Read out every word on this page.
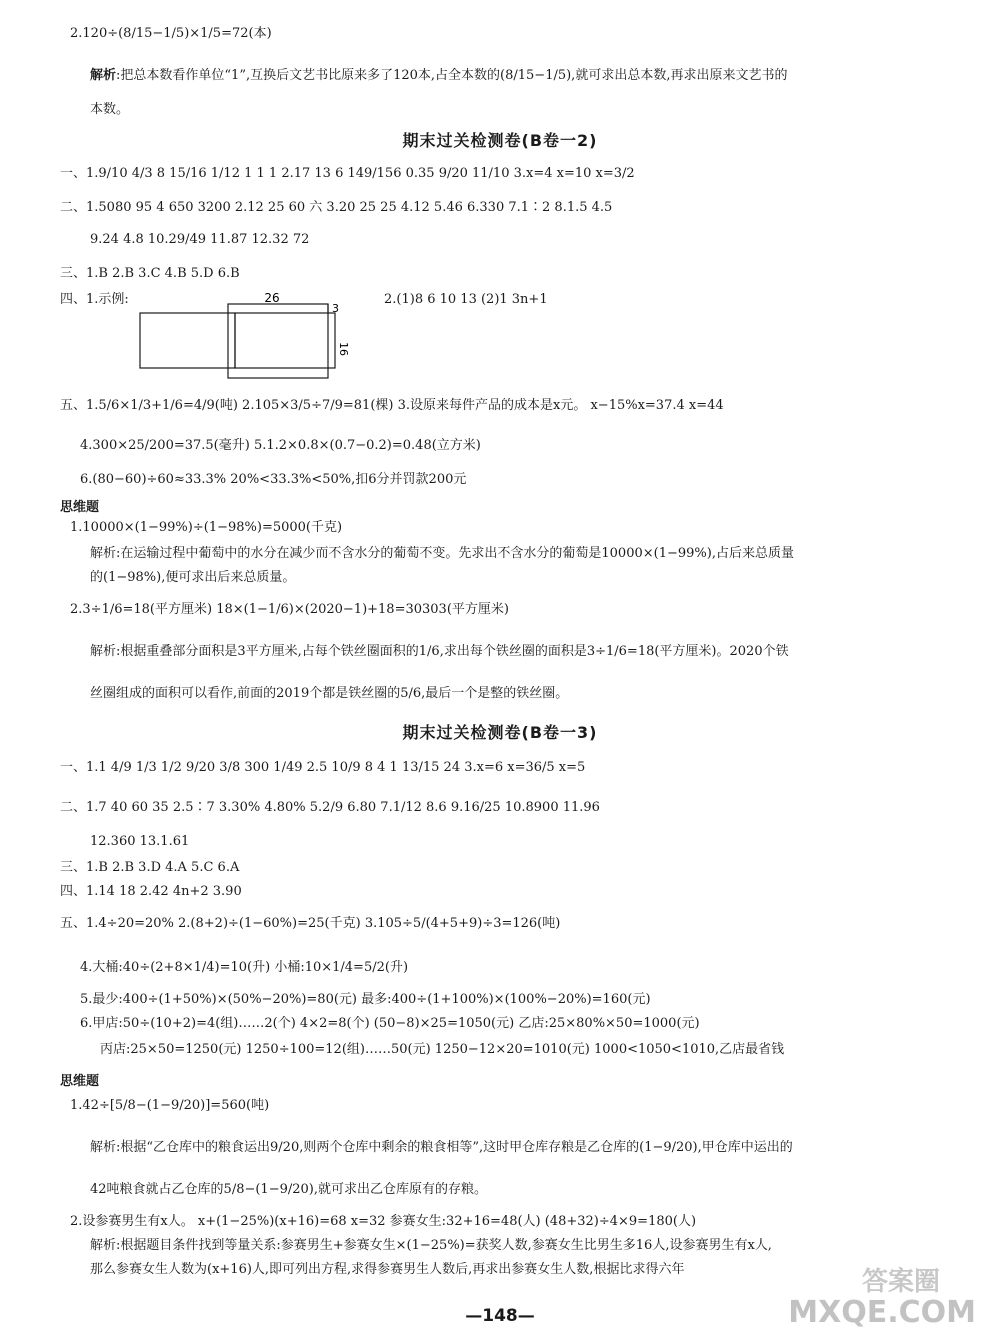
2.120÷(8/15−1/5)×1/5=72(本)
解析:把总本数看作单位“1”,互换后文艺书比原来多了120本,占全本数的(8/15−1/5),就可求出总本数,再求出原来文艺书的
本数。
期末过关检测卷(B卷一2)
一、1.9/10 4/3 8 15/16 1/12 1 1 1 2.17 13 6 149/156 0.35 9/20 11/10 3.x=4 x=10 x=3/2
二、1.5080 95 4 650 3200 2.12 25 60 六 3.20 25 25 4.12 5.46 6.330 7.1∶2 8.1.5 4.5
9.24 4.8 10.29/49 11.87 12.32 72
三、1.B 2.B 3.C 4.B 5.D 6.B
四、1.示例:	2.(1)8 6 10 13 (2)1 3n+1
26
3
16
五、1.5/6×1/3+1/6=4/9(吨) 2.105×3/5÷7/9=81(棵) 3.设原来每件产品的成本是x元。 x−15%x=37.4 x=44
4.300×25/200=37.5(毫升) 5.1.2×0.8×(0.7−0.2)=0.48(立方米)
6.(80−60)÷60≈33.3% 20%<33.3%<50%,扣6分并罚款200元
思维题
1.10000×(1−99%)÷(1−98%)=5000(千克)
解析:在运输过程中葡萄中的水分在减少而不含水分的葡萄不变。先求出不含水分的葡萄是10000×(1−99%),占后来总质量
的(1−98%),便可求出后来总质量。
2.3÷1/6=18(平方厘米) 18×(1−1/6)×(2020−1)+18=30303(平方厘米)
解析:根据重叠部分面积是3平方厘米,占每个铁丝圈面积的1/6,求出每个铁丝圈的面积是3÷1/6=18(平方厘米)。2020个铁
丝圈组成的面积可以看作,前面的2019个都是铁丝圈的5/6,最后一个是整的铁丝圈。
期末过关检测卷(B卷一3)
一、1.1 4/9 1/3 1/2 9/20 3/8 300 1/49 2.5 10/9 8 4 1 13/15 24 3.x=6 x=36/5 x=5
二、1.7 40 60 35 2.5∶7 3.30% 4.80% 5.2/9 6.80 7.1/12 8.6 9.16/25 10.8900 11.96
12.360 13.1.61
三、1.B 2.B 3.D 4.A 5.C 6.A
四、1.14 18 2.42 4n+2 3.90
五、1.4÷20=20% 2.(8+2)÷(1−60%)=25(千克) 3.105÷5/(4+5+9)÷3=126(吨)
4.大桶:40÷(2+8×1/4)=10(升) 小桶:10×1/4=5/2(升)
5.最少:400÷(1+50%)×(50%−20%)=80(元) 最多:400÷(1+100%)×(100%−20%)=160(元)
6.甲店:50÷(10+2)=4(组)……2(个) 4×2=8(个) (50−8)×25=1050(元) 乙店:25×80%×50=1000(元)
丙店:25×50=1250(元) 1250÷100=12(组)……50(元) 1250−12×20=1010(元) 1000<1050<1010,乙店最省钱
思维题
1.42÷[5/8−(1−9/20)]=560(吨)
解析:根据“乙仓库中的粮食运出9/20,则两个仓库中剩余的粮食相等”,这时甲仓库存粮是乙仓库的(1−9/20),甲仓库中运出的
42吨粮食就占乙仓库的5/8−(1−9/20),就可求出乙仓库原有的存粮。
2.设参赛男生有x人。 x+(1−25%)(x+16)=68 x=32 参赛女生:32+16=48(人) (48+32)÷4×9=180(人)
解析:根据题目条件找到等量关系:参赛男生+参赛女生×(1−25%)=获奖人数,参赛女生比男生多16人,设参赛男生有x人,
那么参赛女生人数为(x+16)人,即可列出方程,求得参赛男生人数后,再求出参赛女生人数,根据比求得六年
—148—
答案圈
MXQE.COM
